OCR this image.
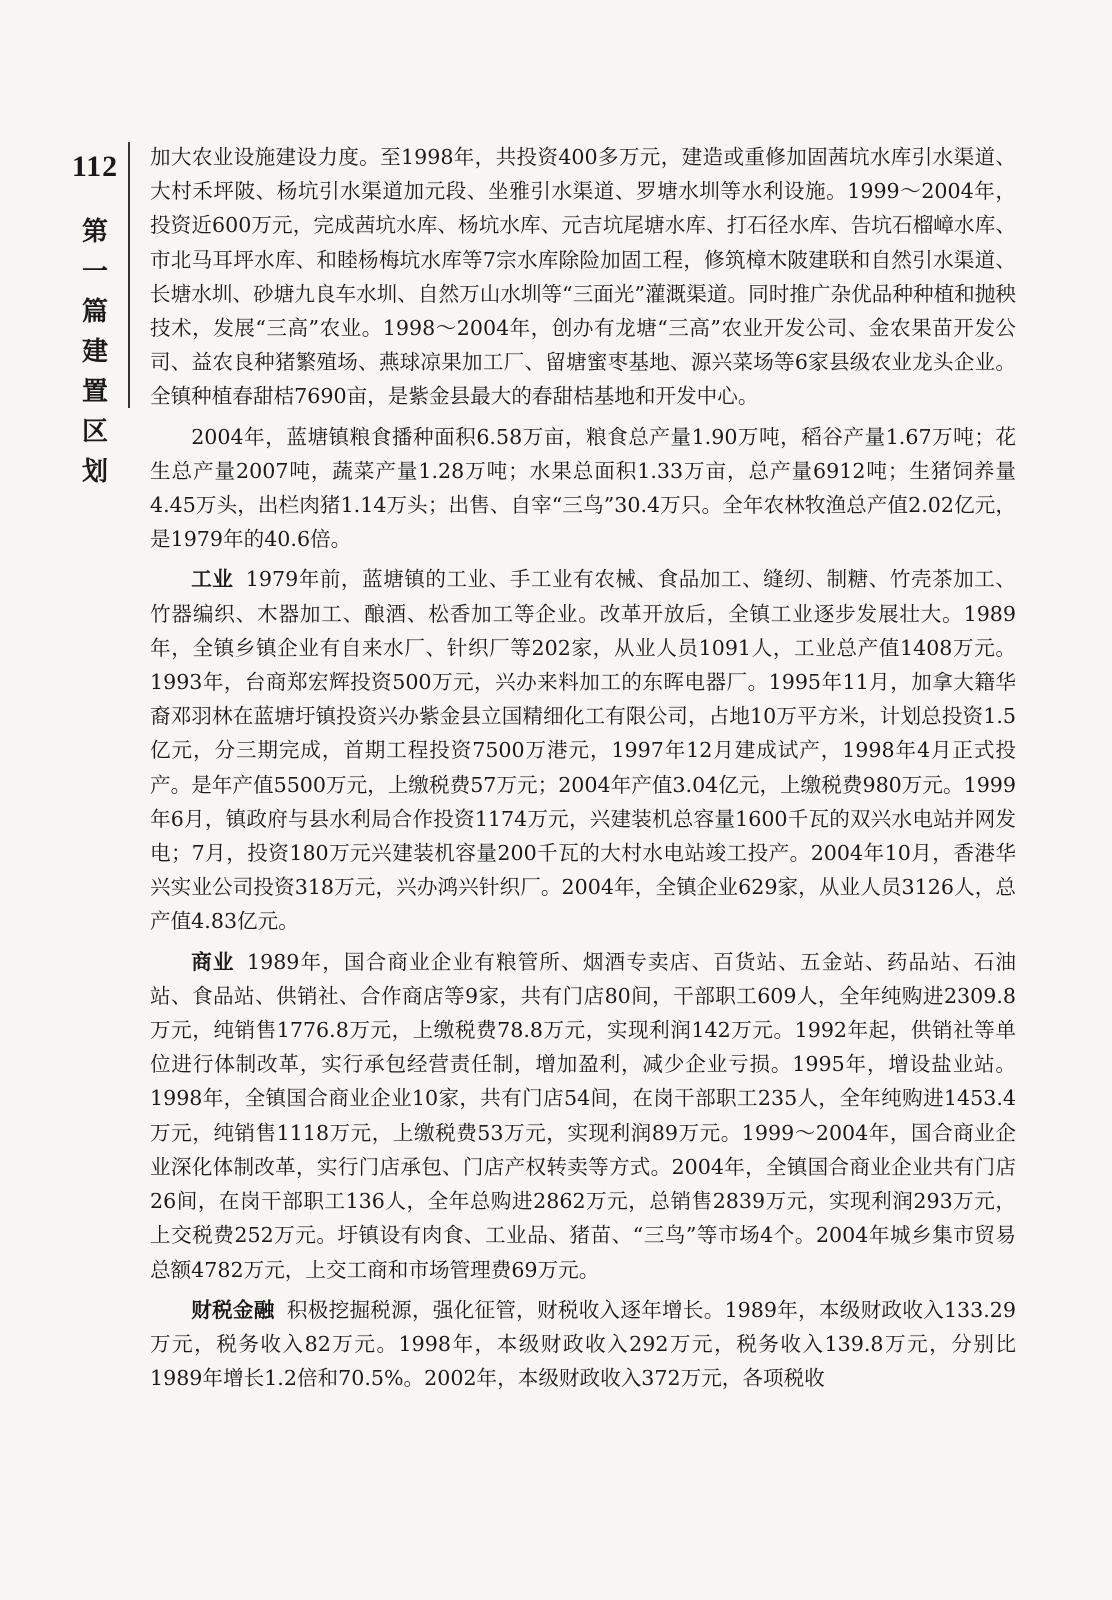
112
第
一
篇
建
置
区
划

加大农业设施建设力度。至1998年，共投资400多万元，建造或重修加固茜坑水库引水渠道、大村禾坪陂、杨坑引水渠道加元段、坐雅引水渠道、罗塘水圳等水利设施。1999～2004年，投资近600万元，完成茜坑水库、杨坑水库、元吉坑尾塘水库、打石径水库、告坑石榴嶂水库、市北马耳坪水库、和睦杨梅坑水库等7宗水库除险加固工程，修筑樟木陂建联和自然引水渠道、长塘水圳、砂塘九良车水圳、自然万山水圳等“三面光”灌溉渠道。同时推广杂优品种种植和抛秧技术，发展“三高”农业。1998～2004年，创办有龙塘“三高”农业开发公司、金农果苗开发公司、益农良种猪繁殖场、燕球凉果加工厂、留塘蜜枣基地、源兴菜场等6家县级农业龙头企业。全镇种植春甜桔7690亩，是紫金县最大的春甜桔基地和开发中心。

2004年，蓝塘镇粮食播种面积6.58万亩，粮食总产量1.90万吨，稻谷产量1.67万吨；花生总产量2007吨，蔬菜产量1.28万吨；水果总面积1.33万亩，总产量6912吨；生猪饲养量4.45万头，出栏肉猪1.14万头；出售、自宰“三鸟”30.4万只。全年农林牧渔总产值2.02亿元，是1979年的40.6倍。

工业 1979年前，蓝塘镇的工业、手工业有农械、食品加工、缝纫、制糖、竹壳茶加工、竹器编织、木器加工、酿酒、松香加工等企业。改革开放后，全镇工业逐步发展壮大。1989年，全镇乡镇企业有自来水厂、针织厂等202家，从业人员1091人，工业总产值1408万元。1993年，台商郑宏辉投资500万元，兴办来料加工的东晖电器厂。1995年11月，加拿大籍华裔邓羽林在蓝塘圩镇投资兴办紫金县立国精细化工有限公司，占地10万平方米，计划总投资1.5亿元，分三期完成，首期工程投资7500万港元，1997年12月建成试产，1998年4月正式投产。是年产值5500万元，上缴税费57万元；2004年产值3.04亿元，上缴税费980万元。1999年6月，镇政府与县水利局合作投资1174万元，兴建装机总容量1600千瓦的双兴水电站并网发电；7月，投资180万元兴建装机容量200千瓦的大村水电站竣工投产。2004年10月，香港华兴实业公司投资318万元，兴办鸿兴针织厂。2004年，全镇企业629家，从业人员3126人，总产值4.83亿元。

商业 1989年，国合商业企业有粮管所、烟酒专卖店、百货站、五金站、药品站、石油站、食品站、供销社、合作商店等9家，共有门店80间，干部职工609人，全年纯购进2309.8万元，纯销售1776.8万元，上缴税费78.8万元，实现利润142万元。1992年起，供销社等单位进行体制改革，实行承包经营责任制，增加盈利，减少企业亏损。1995年，增设盐业站。1998年，全镇国合商业企业10家，共有门店54间，在岗干部职工235人，全年纯购进1453.4万元，纯销售1118万元，上缴税费53万元，实现利润89万元。1999～2004年，国合商业企业深化体制改革，实行门店承包、门店产权转卖等方式。2004年，全镇国合商业企业共有门店26间，在岗干部职工136人，全年总购进2862万元，总销售2839万元，实现利润293万元，上交税费252万元。圩镇设有肉食、工业品、猪苗、“三鸟”等市场4个。2004年城乡集市贸易总额4782万元，上交工商和市场管理费69万元。

财税金融 积极挖掘税源，强化征管，财税收入逐年增长。1989年，本级财政收入133.29万元，税务收入82万元。1998年，本级财政收入292万元，税务收入139.8万元，分别比1989年增长1.2倍和70.5%。2002年，本级财政收入372万元，各项税收
